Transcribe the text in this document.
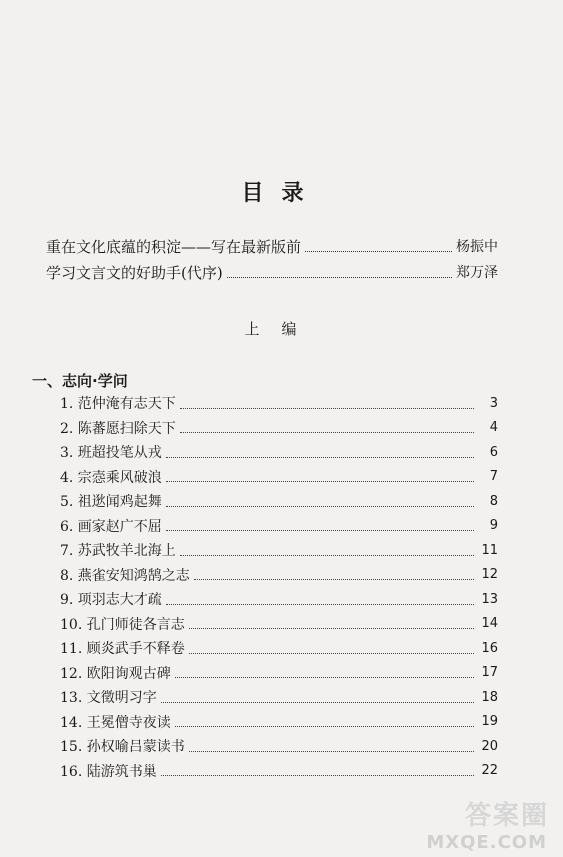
目录
重在文化底蕴的积淀——写在最新版前	杨振中
学习文言文的好助手(代序)	郑万泽
上编
一、志向·学问
1. 范仲淹有志天下	3
2. 陈蕃愿扫除天下	4
3. 班超投笔从戎	6
4. 宗悫乘风破浪	7
5. 祖逖闻鸡起舞	8
6. 画家赵广不屈	9
7. 苏武牧羊北海上	11
8. 燕雀安知鸿鹄之志	12
9. 项羽志大才疏	13
10. 孔门师徒各言志	14
11. 顾炎武手不释卷	16
12. 欧阳询观古碑	17
13. 文徵明习字	18
14. 王冕僧寺夜读	19
15. 孙权喻吕蒙读书	20
16. 陆游筑书巢	22
答案圈
MXQE.COM
